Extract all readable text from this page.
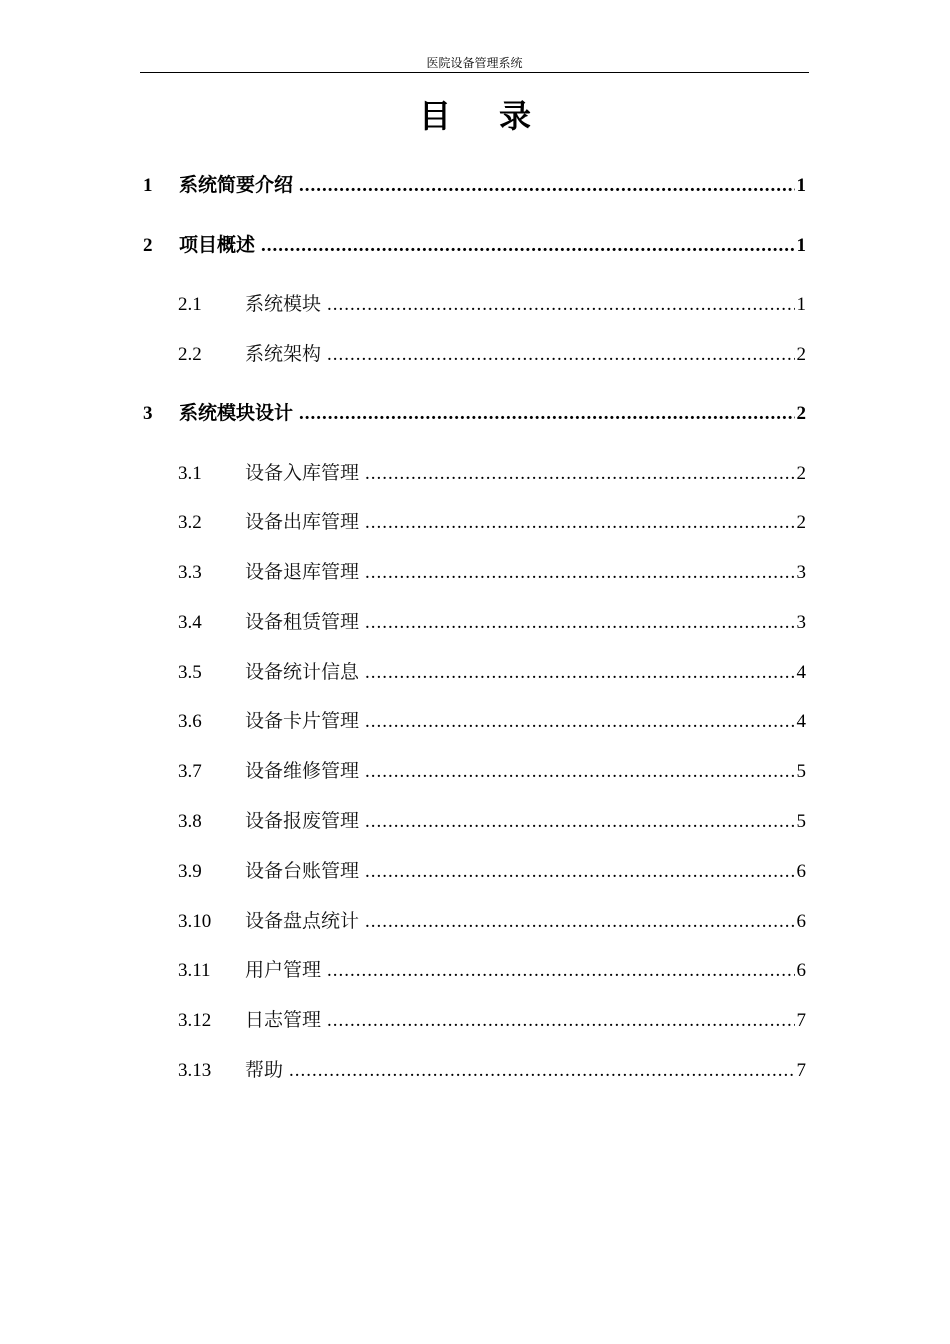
医院设备管理系统
目录
1	系统简要介绍 .....	1
2	项目概述 .....	1
2.1	系统模块 .....	1
2.2	系统架构 .....	2
3	系统模块设计 .....	2
3.1	设备入库管理 .....	2
3.2	设备出库管理 .....	2
3.3	设备退库管理 .....	3
3.4	设备租赁管理 .....	3
3.5	设备统计信息 .....	4
3.6	设备卡片管理 .....	4
3.7	设备维修管理 .....	5
3.8	设备报废管理 .....	5
3.9	设备台账管理 .....	6
3.10	设备盘点统计 .....	6
3.11	用户管理 .....	6
3.12	日志管理 .....	7
3.13	帮助 .....	7
